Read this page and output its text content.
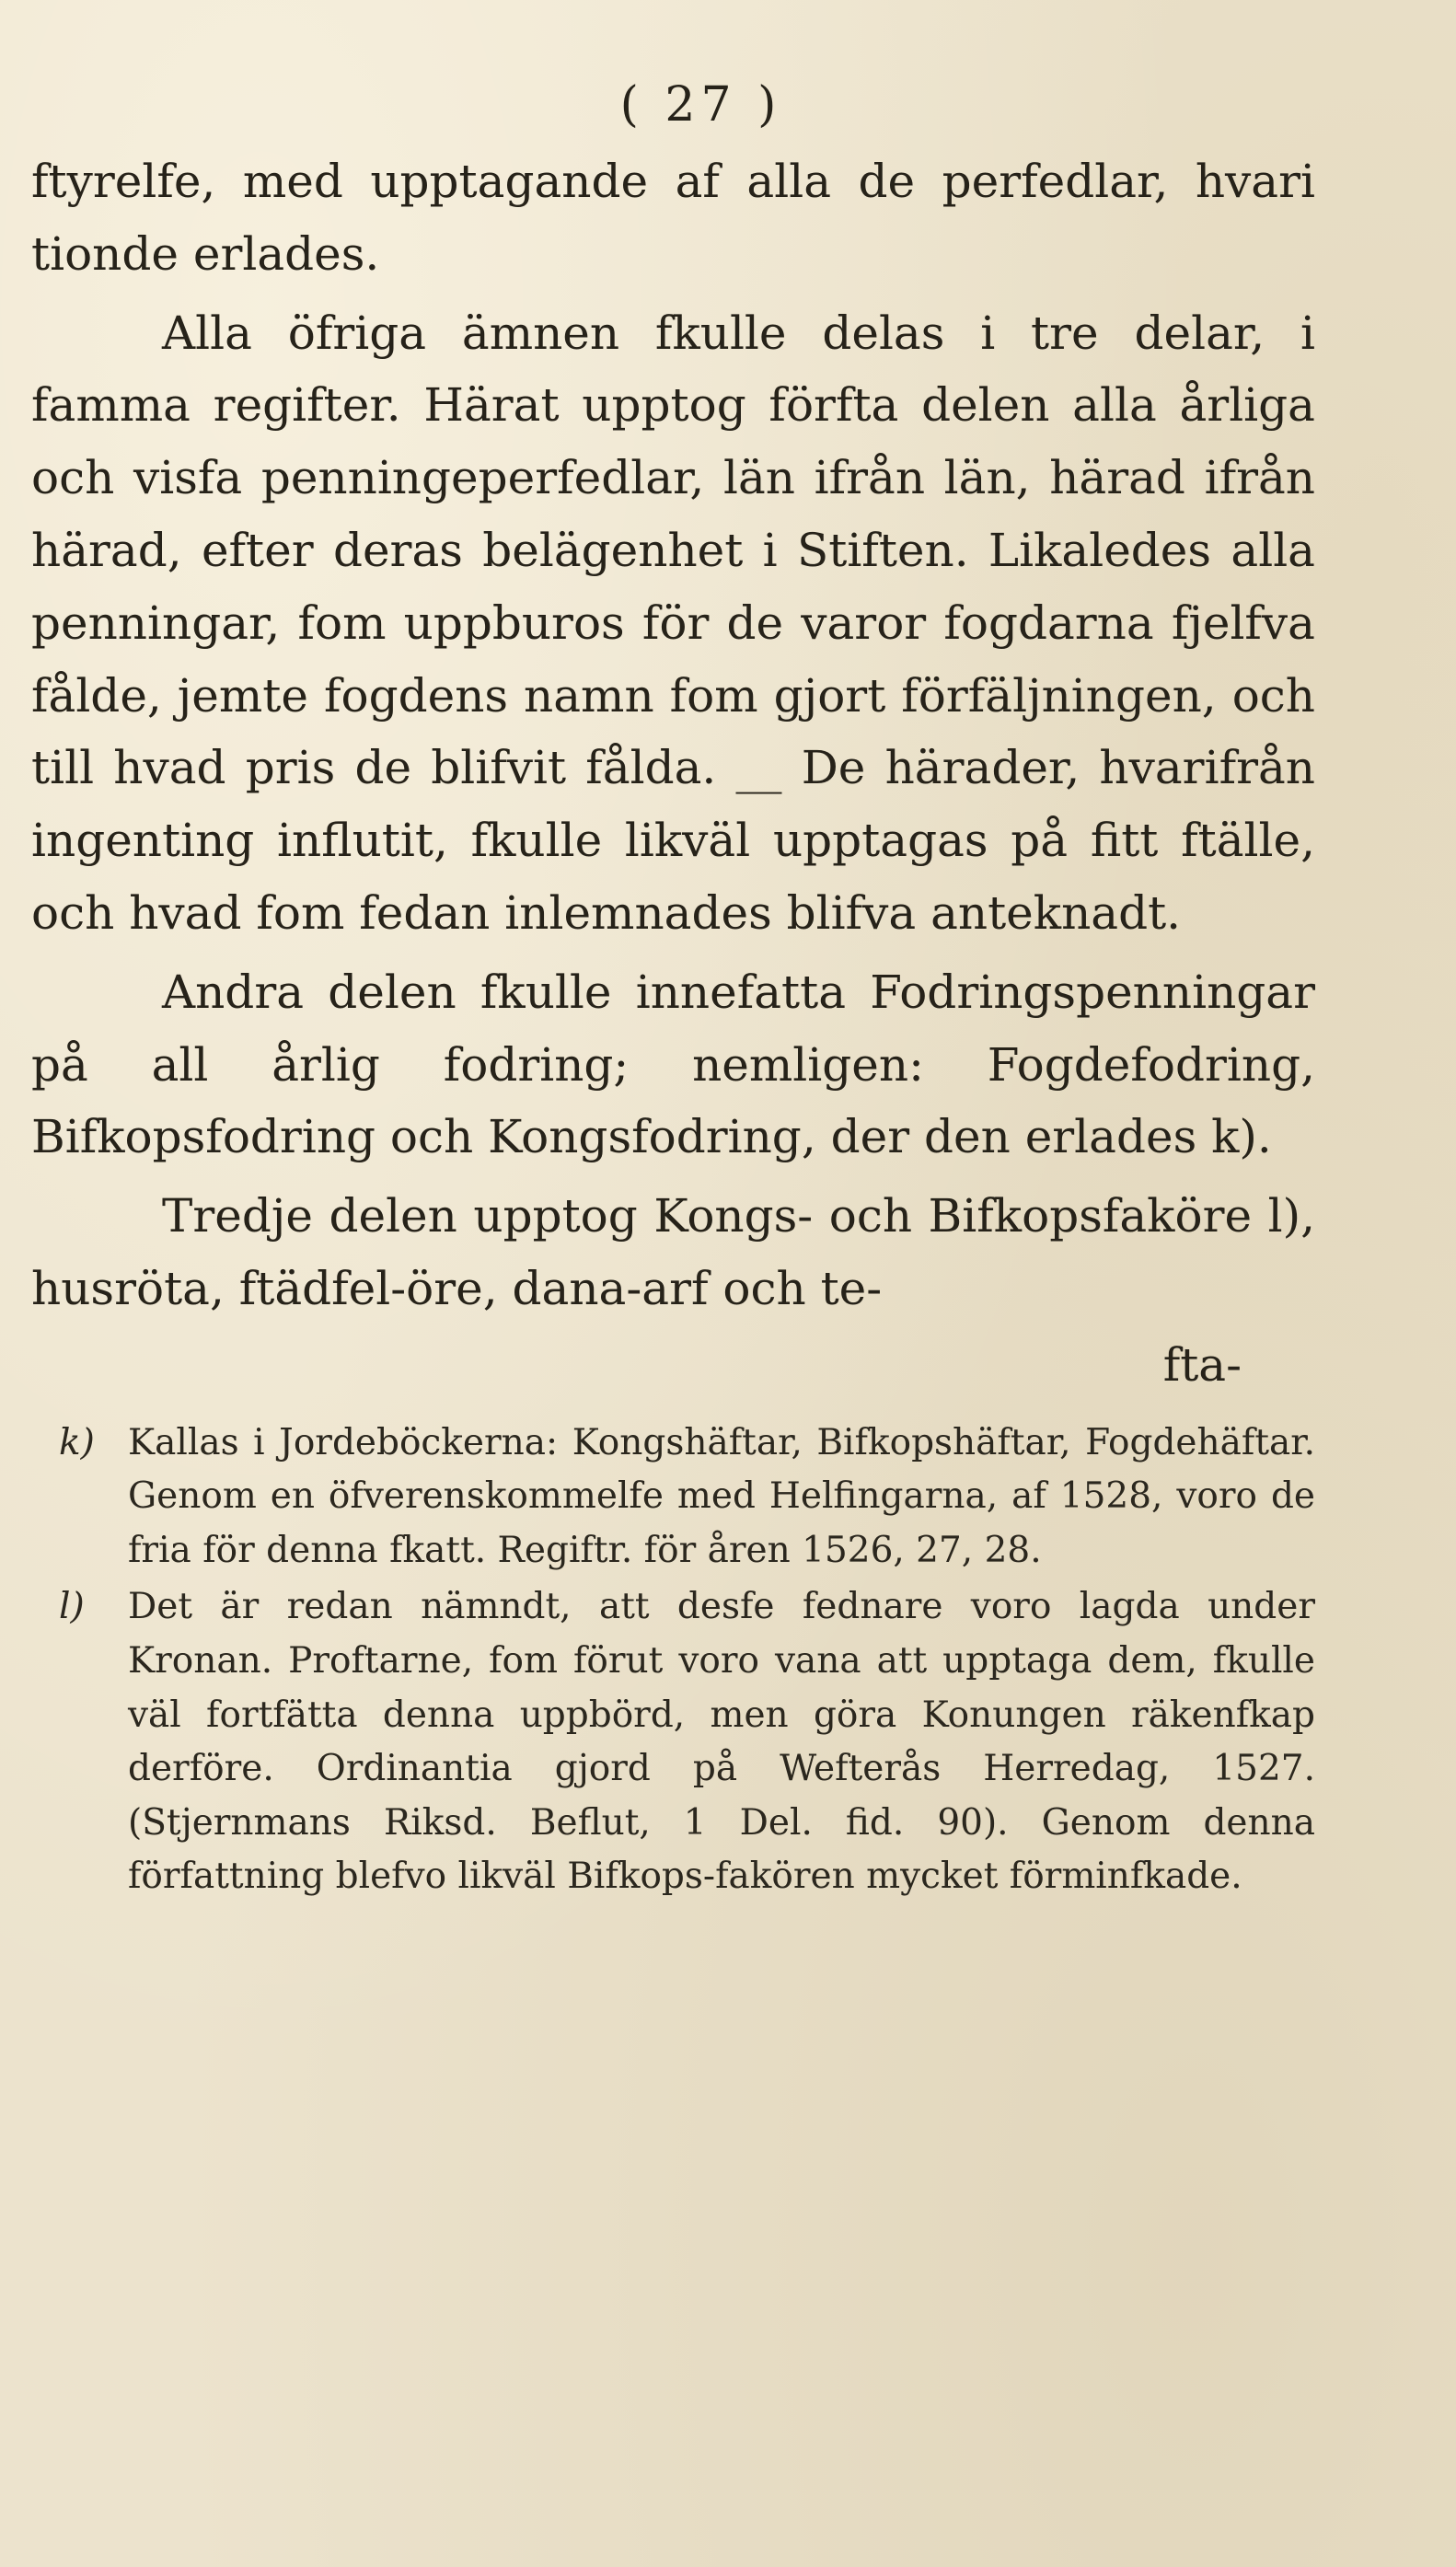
( 27 )

ftyrelfe, med upptagande af alla de perfedlar, hvari tionde erlades.

Alla öfriga ämnen fkulle delas i tre delar, i famma regifter. Härat upptog förfta delen alla årliga och visfa penningeperfedlar, län ifrån län, härad ifrån härad, efter deras belägenhet i Stiften. Likaledes alla penningar, fom uppburos för de varor fogdarna fjelfva fålde, jemte fogdens namn fom gjort förfäljningen, och till hvad pris de blifvit fålda. __ De härader, hvarifrån ingenting influtit, fkulle likväl upptagas på fitt ftälle, och hvad fom fedan inlemnades blifva anteknadt.

Andra delen fkulle innefatta Fodringspenningar på all årlig fodring; nemligen: Fogdefodring, Bifkopsfodring och Kongsfodring, der den erlades k).

Tredje delen upptog Kongs- och Bifkopsfaköre l), husröta, ftädfel-öre, dana-arf och te-

fta-

k) Kallas i Jordeböckerna: Kongshäftar, Bifkopshäftar, Fogdehäftar. Genom en öfverenskommelfe med Helfingarna, af 1528, voro de fria för denna fkatt. Regiftr. för åren 1526, 27, 28.

l) Det är redan nämndt, att desfe fednare voro lagda under Kronan. Proftarne, fom förut voro vana att upptaga dem, fkulle väl fortfätta denna uppbörd, men göra Konungen räkenfkap derföre. Ordinantia gjord på Wefterås Herredag, 1527. (Stjernmans Riksd. Beflut, 1 Del. fid. 90). Genom denna författning blefvo likväl Bifkops-fakören mycket förminfkade.
